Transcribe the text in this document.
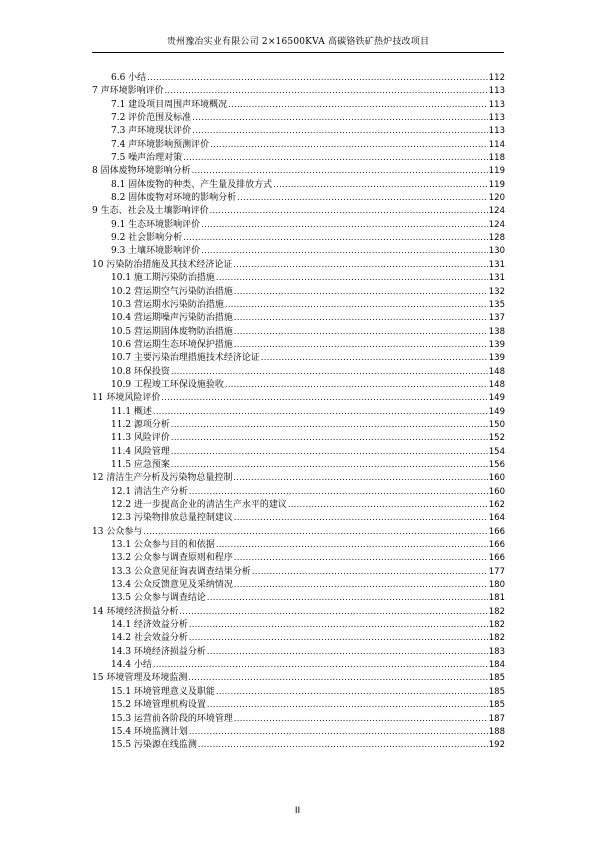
贵州豫冶实业有限公司 2×16500KVA 高碳铬铁矿热炉技改项目
6.6 小结 .....	112
7 声环境影响评价 .....	113
7.1 建设项目周围声环境概况 .....	113
7.2 评价范围及标准 .....	113
7.3 声环境现状评价 .....	113
7.4 声环境影响预测评价 .....	114
7.5 噪声治理对策 .....	118
8 固体废物环境影响分析 .....	119
8.1 固体废物的种类、产生量及排放方式 .....	119
8.2 固体废物对环境的影响分析 .....	120
9 生态、社会及土壤影响评价 .....	124
9.1 生态环境影响评价 .....	124
9.2 社会影响分析 .....	128
9.3 土壤环境影响评价 .....	130
10 污染防治措施及其技术经济论证 .....	131
10.1 施工期污染防治措施 .....	131
10.2 营运期空气污染防治措施 .....	132
10.3 营运期水污染防治措施 .....	135
10.4 营运期噪声污染防治措施 .....	137
10.5 营运期固体废物防治措施 .....	138
10.6 营运期生态环境保护措施 .....	139
10.7 主要污染治理措施技术经济论证 .....	139
10.8 环保投资 .....	148
10.9 工程竣工环保设施验收 .....	148
11 环境风险评价 .....	149
11.1 概述 .....	149
11.2 源项分析 .....	150
11.3 风险评价 .....	152
11.4 风险管理 .....	154
11.5 应急预案 .....	156
12 清洁生产分析及污染物总量控制 .....	160
12.1 清洁生产分析 .....	160
12.2 进一步提高企业的清洁生产水平的建议 .....	162
12.3 污染物排放总量控制建议 .....	164
13 公众参与 .....	166
13.1 公众参与目的和依据 .....	166
13.2 公众参与调查原则和程序 .....	166
13.3 公众意见征询表调查结果分析 .....	177
13.4 公众反馈意见及采纳情况 .....	180
13.5 公众参与调查结论 .....	181
14 环境经济损益分析 .....	182
14.1 经济效益分析 .....	182
14.2 社会效益分析 .....	182
14.3 环境经济损益分析 .....	183
14.4 小结 .....	184
15 环境管理及环境监测 .....	185
15.1 环境管理意义及职能 .....	185
15.2 环境管理机构设置 .....	185
15.3 运营前各阶段的环境管理 .....	187
15.4 环境监测计划 .....	188
15.5 污染源在线监测 .....	192
II
